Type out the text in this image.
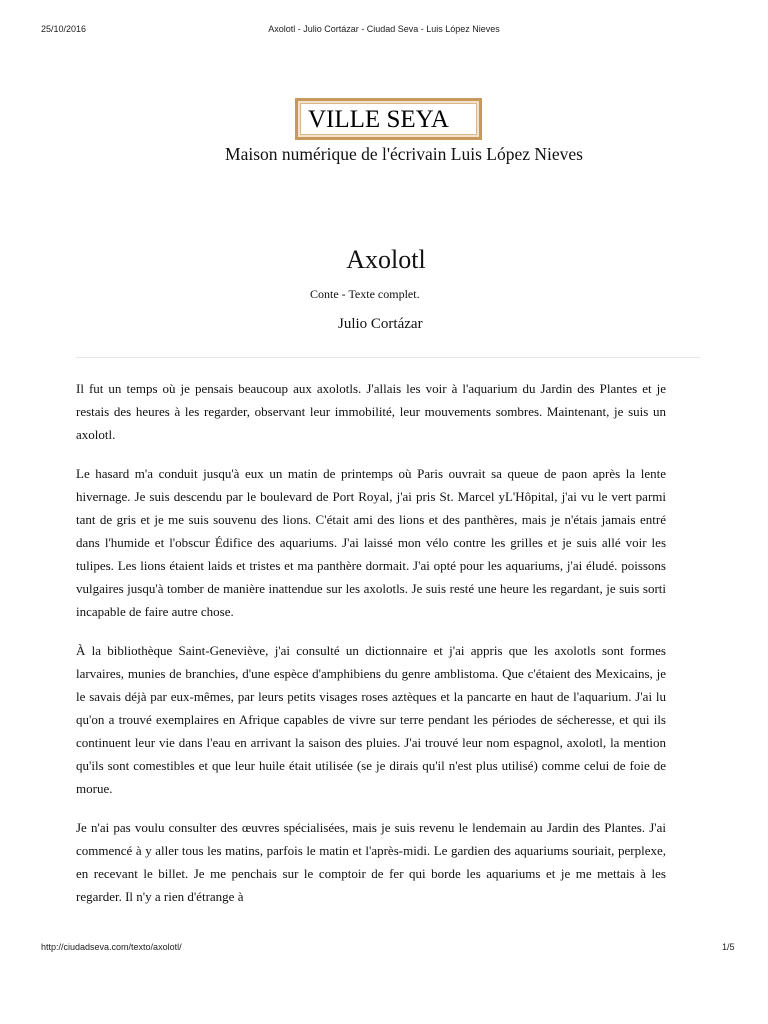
25/10/2016	Axolotl - Julio Cortázar - Ciudad Seva - Luis López Nieves
VILLE SEYA
Maison numérique de l'écrivain Luis López Nieves
Axolotl
Conte - Texte complet.
Julio Cortázar

Il fut un temps où je pensais beaucoup aux axolotls. J'allais les voir à l'aquarium du Jardin des Plantes et je restais des heures à les regarder, observant leur immobilité, leur mouvements sombres. Maintenant, je suis un axolotl.

Le hasard m'a conduit jusqu'à eux un matin de printemps où Paris ouvrait sa queue de paon après la lente hivernage. Je suis descendu par le boulevard de Port Royal, j'ai pris St. Marcel yL'Hôpital, j'ai vu le vert parmi tant de gris et je me suis souvenu des lions. C'était ami des lions et des panthères, mais je n'étais jamais entré dans l'humide et l'obscur Édifice des aquariums. J'ai laissé mon vélo contre les grilles et je suis allé voir les tulipes. Les lions étaient laids et tristes et ma panthère dormait. J'ai opté pour les aquariums, j'ai éludé. poissons vulgaires jusqu'à tomber de manière inattendue sur les axolotls. Je suis resté une heure les regardant, je suis sorti incapable de faire autre chose.

À la bibliothèque Saint-Geneviève, j'ai consulté un dictionnaire et j'ai appris que les axolotls sont formes larvaires, munies de branchies, d'une espèce d'amphibiens du genre amblistoma. Que c'étaient des Mexicains, je le savais déjà par eux-mêmes, par leurs petits visages roses aztèques et la pancarte en haut de l'aquarium. J'ai lu qu'on a trouvé exemplaires en Afrique capables de vivre sur terre pendant les périodes de sécheresse, et qui ils continuent leur vie dans l'eau en arrivant la saison des pluies. J'ai trouvé leur nom espagnol, axolotl, la mention qu'ils sont comestibles et que leur huile était utilisée (se je dirais qu'il n'est plus utilisé) comme celui de foie de morue.

Je n'ai pas voulu consulter des œuvres spécialisées, mais je suis revenu le lendemain au Jardin des Plantes. J'ai commencé à y aller tous les matins, parfois le matin et l'après-midi. Le gardien des aquariums souriait, perplexe, en recevant le billet. Je me penchais sur le comptoir de fer qui borde les aquariums et je me mettais à les regarder. Il n'y a rien d'étrange à

http://ciudadseva.com/texto/axolotl/	1/5
